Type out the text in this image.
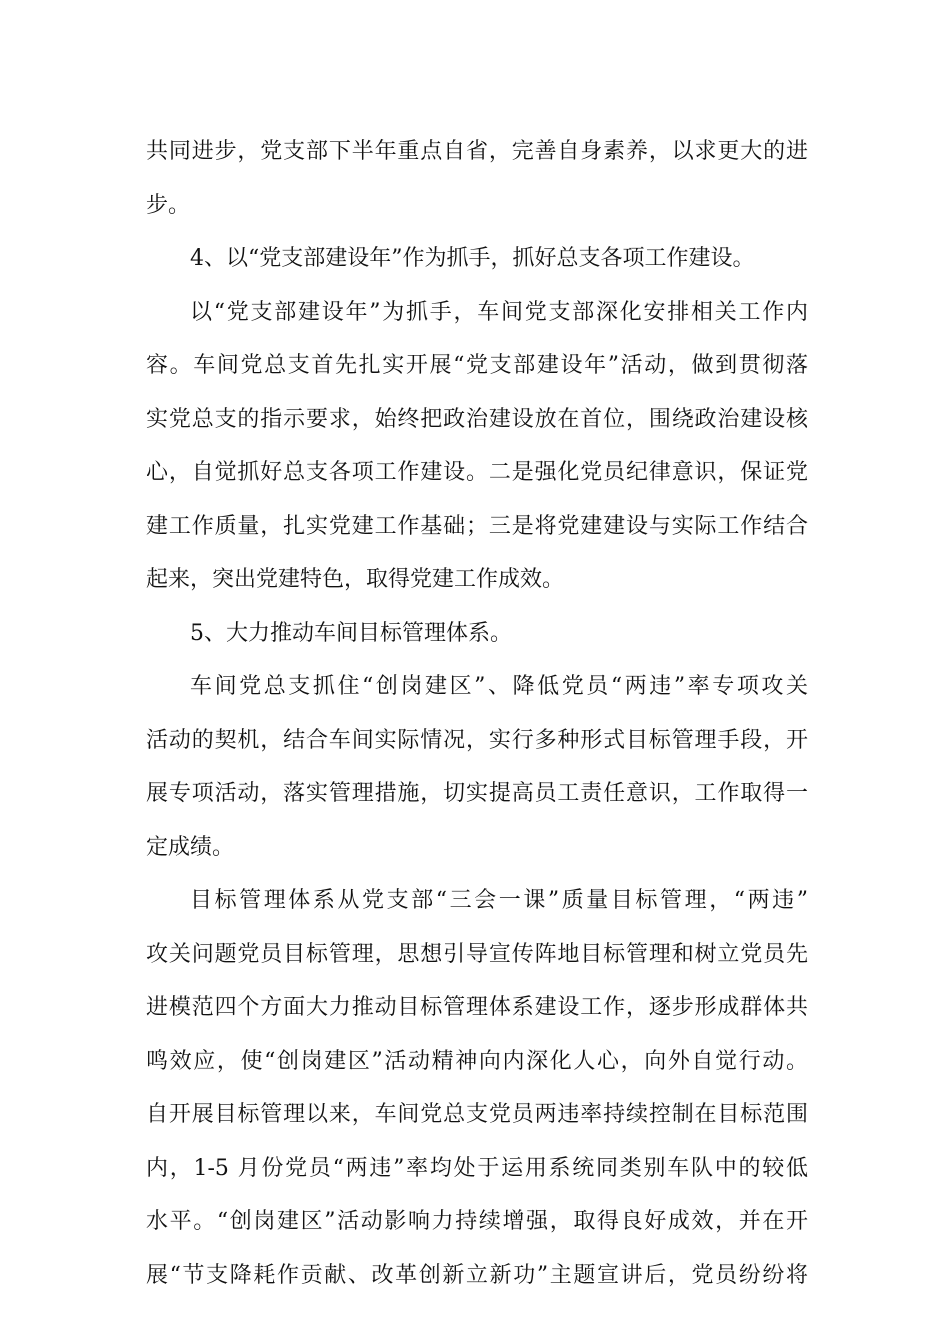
共同进步，党支部下半年重点自省，完善自身素养，以求更大的进
步。
4、以“党支部建设年”作为抓手，抓好总支各项工作建设。
以“党支部建设年”为抓手，车间党支部深化安排相关工作内
容。车间党总支首先扎实开展“党支部建设年”活动，做到贯彻落
实党总支的指示要求，始终把政治建设放在首位，围绕政治建设核
心，自觉抓好总支各项工作建设。二是强化党员纪律意识，保证党
建工作质量，扎实党建工作基础；三是将党建建设与实际工作结合
起来，突出党建特色，取得党建工作成效。
5、大力推动车间目标管理体系。
车间党总支抓住“创岗建区”、降低党员“两违”率专项攻关
活动的契机，结合车间实际情况，实行多种形式目标管理手段，开
展专项活动，落实管理措施，切实提高员工责任意识，工作取得一
定成绩。
目标管理体系从党支部“三会一课”质量目标管理，“两违”
攻关问题党员目标管理，思想引导宣传阵地目标管理和树立党员先
进模范四个方面大力推动目标管理体系建设工作，逐步形成群体共
鸣效应，使“创岗建区”活动精神向内深化人心，向外自觉行动。
自开展目标管理以来，车间党总支党员两违率持续控制在目标范围
内，1-5 月份党员“两违”率均处于运用系统同类别车队中的较低
水平。“创岗建区”活动影响力持续增强，取得良好成效，并在开
展“节支降耗作贡献、改革创新立新功”主题宣讲后，党员纷纷将
